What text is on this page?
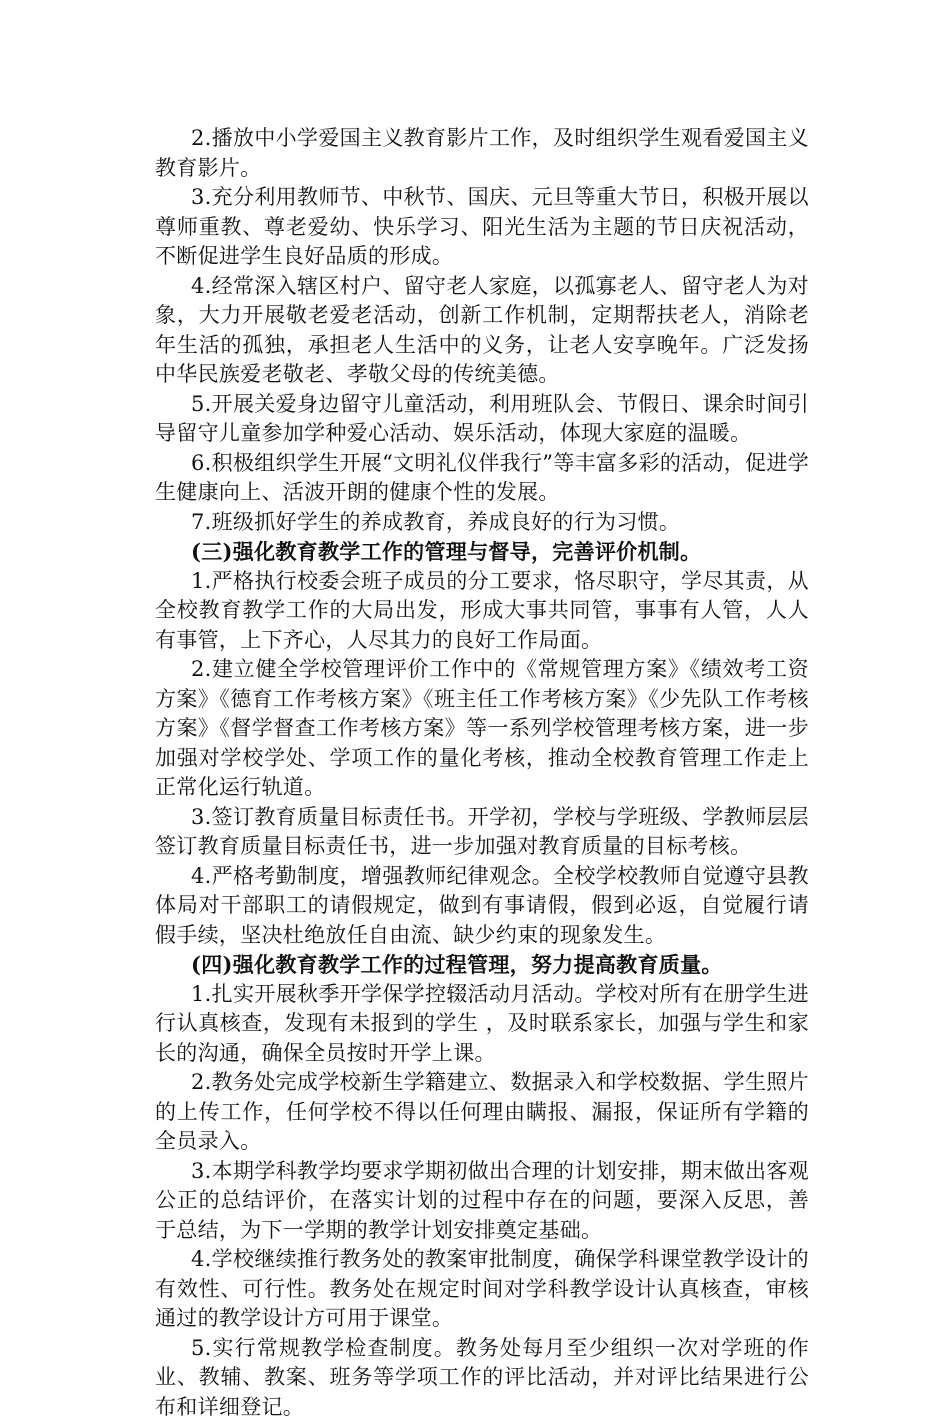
2.播放中小学爱国主义教育影片工作，及时组织学生观看爱国主义教育影片。

3.充分利用教师节、中秋节、国庆、元旦等重大节日，积极开展以尊师重教、尊老爱幼、快乐学习、阳光生活为主题的节日庆祝活动，不断促进学生良好品质的形成。

4.经常深入辖区村户、留守老人家庭，以孤寡老人、留守老人为对象，大力开展敬老爱老活动，创新工作机制，定期帮扶老人，消除老年生活的孤独，承担老人生活中的义务，让老人安享晚年。广泛发扬中华民族爱老敬老、孝敬父母的传统美德。

5.开展关爱身边留守儿童活动，利用班队会、节假日、课余时间引导留守儿童参加学种爱心活动、娱乐活动，体现大家庭的温暖。

6.积极组织学生开展“文明礼仪伴我行”等丰富多彩的活动，促进学生健康向上、活波开朗的健康个性的发展。

7.班级抓好学生的养成教育，养成良好的行为习惯。

(三)强化教育教学工作的管理与督导，完善评价机制。

1.严格执行校委会班子成员的分工要求，恪尽职守，学尽其责，从全校教育教学工作的大局出发，形成大事共同管，事事有人管，人人有事管，上下齐心，人尽其力的良好工作局面。

2.建立健全学校管理评价工作中的《常规管理方案》《绩效考工资方案》《德育工作考核方案》《班主任工作考核方案》《少先队工作考核方案》《督学督查工作考核方案》等一系列学校管理考核方案，进一步加强对学校学处、学项工作的量化考核，推动全校教育管理工作走上正常化运行轨道。

3.签订教育质量目标责任书。开学初，学校与学班级、学教师层层签订教育质量目标责任书，进一步加强对教育质量的目标考核。

4.严格考勤制度，增强教师纪律观念。全校学校教师自觉遵守县教体局对干部职工的请假规定，做到有事请假，假到必返，自觉履行请假手续，坚决杜绝放任自由流、缺少约束的现象发生。

(四)强化教育教学工作的过程管理，努力提高教育质量。

1.扎实开展秋季开学保学控辍活动月活动。学校对所有在册学生进行认真核查，发现有未报到的学生 ，及时联系家长，加强与学生和家长的沟通，确保全员按时开学上课。

2.教务处完成学校新生学籍建立、数据录入和学校数据、学生照片的上传工作，任何学校不得以任何理由瞒报、漏报，保证所有学籍的全员录入。

3.本期学科教学均要求学期初做出合理的计划安排，期末做出客观公正的总结评价，在落实计划的过程中存在的问题，要深入反思，善于总结，为下一学期的教学计划安排奠定基础。

4.学校继续推行教务处的教案审批制度，确保学科课堂教学设计的有效性、可行性。教务处在规定时间对学科教学设计认真核查，审核通过的教学设计方可用于课堂。

5.实行常规教学检查制度。教务处每月至少组织一次对学班的作业、教辅、教案、班务等学项工作的评比活动，并对评比结果进行公布和详细登记。
